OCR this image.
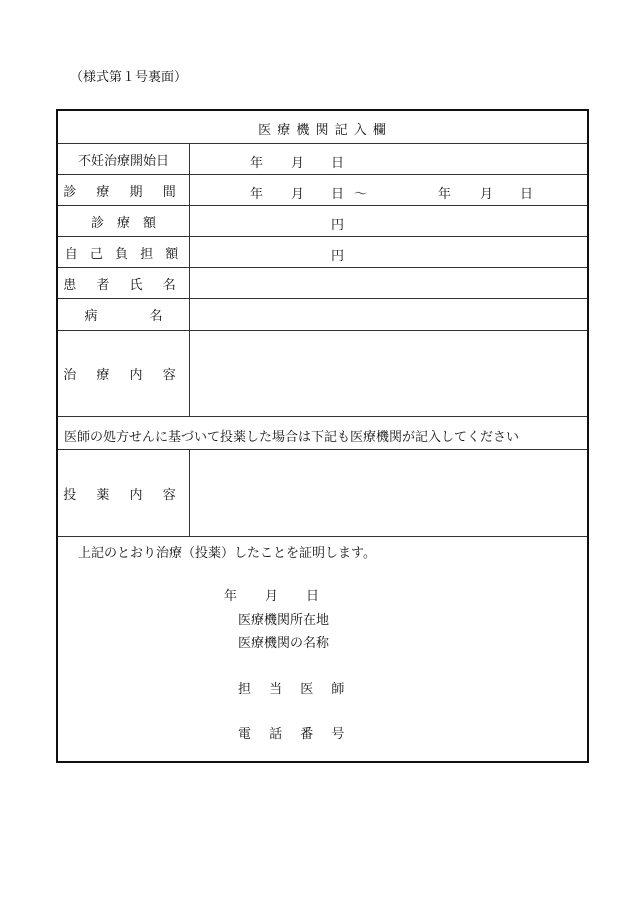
（様式第１号裏面）
医 療 機 関 記 入 欄
不妊治療開始日	年 月 日
診 療 期 間	年 月 日 ～	年 月 日
診　療　額	円
自 己 負 担 額	円
患 者 氏 名
病　　　　名
治 療 内 容
医師の処方せんに基づいて投薬した場合は下記も医療機関が記入してください
投 薬 内 容
上記のとおり治療（投薬）したことを証明します。
年 月 日
医療機関所在地
医療機関の名称
担 当 医 師
電 話 番 号
